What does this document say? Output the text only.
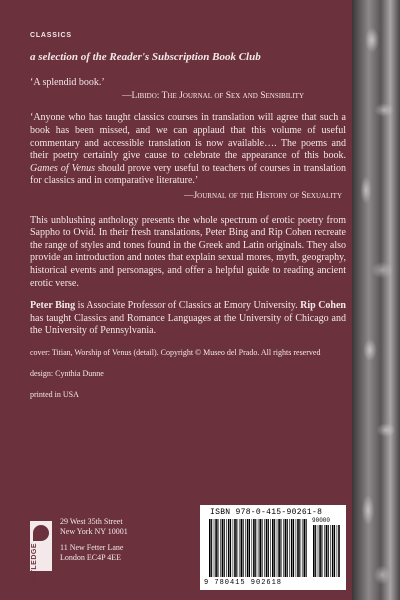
CLASSICS
a selection of the Reader's Subscription Book Club

‘A splendid book.’

—Libido: The Journal of Sex and Sensibility

‘Anyone who has taught classics courses in translation will agree that such a book has been missed, and we can applaud that this volume of useful commentary and accessible translation is now available…. The poems and their poetry certainly give cause to celebrate the appearance of this book. Games of Venus should prove very useful to teachers of courses in translation for classics and in comparative literature.’

—Journal of the History of Sexuality

This unblushing anthology presents the whole spectrum of erotic poetry from Sappho to Ovid. In their fresh translations, Peter Bing and Rip Cohen recreate the range of styles and tones found in the Greek and Latin originals. They also provide an introduction and notes that explain sexual mores, myth, geography, historical events and personages, and offer a helpful guide to reading ancient erotic verse.

Peter Bing is Associate Professor of Classics at Emory University. Rip Cohen has taught Classics and Romance Languages at the University of Chicago and the University of Pennsylvania.

cover: Titian, Worship of Venus (detail). Copyright © Museo del Prado. All rights reserved

design: Cynthia Dunne

printed in USA

ROUTLEDGE
29 West 35th Street
New York NY 10001
11 New Fetter Lane
London EC4P 4EE
ISBN 978-0-415-90261-8
90000
9 780415 902618
